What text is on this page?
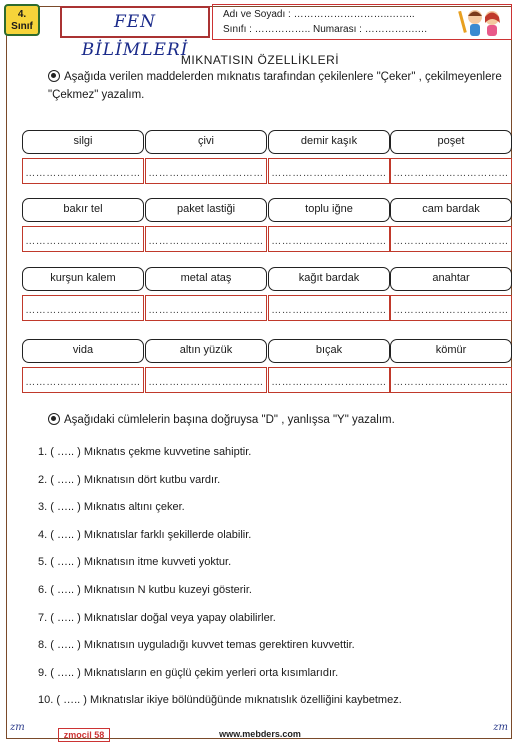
4.
Sınıf	FEN BİLİMLERİ
Adı ve Soyadı : ………………………..……..
Sınıfı : …………….. Numarası : …………….…
MIKNATISIN ÖZELLİKLERİ
Aşağıda verilen maddelerden mıknatıs tarafından çekilenlere "Çeker" , çekilmeyenlere "Çekmez" yazalım.
silgi
……………………………
çivi
……………………………
demir kaşık
……………………………
poşet
……………………………
bakır tel
……………………………
paket lastiği
……………………………
toplu iğne
……………………………
cam bardak
……………………………
kurşun kalem
……………………………
metal ataş
……………………………
kağıt bardak
……………………………
anahtar
……………………………
vida
……………………………
altın yüzük
……………………………
bıçak
……………………………
kömür
……………………………
Aşağıdaki cümlelerin başına doğruysa "D" , yanlışsa "Y" yazalım.
1. ( ….. ) Mıknatıs çekme kuvvetine sahiptir.
2. ( ….. ) Mıknatısın dört kutbu vardır.
3. ( ….. ) Mıknatıs altını çeker.
4. ( ….. ) Mıknatıslar farklı şekillerde olabilir.
5. ( ….. ) Mıknatısın itme kuvveti yoktur.
6. ( ….. ) Mıknatısın N kutbu kuzeyi gösterir.
7. ( ….. ) Mıknatıslar doğal veya yapay olabilirler.
8. ( ….. ) Mıknatısın uyguladığı kuvvet temas gerektiren kuvvettir.
9. ( ….. ) Mıknatısların en güçlü çekim yerleri orta kısımlarıdır.
10. ( ….. ) Mıknatıslar ikiye bölündüğünde mıknatıslık özelliğini kaybetmez.
zm
zmocil 58	www.mebders.com
zm
